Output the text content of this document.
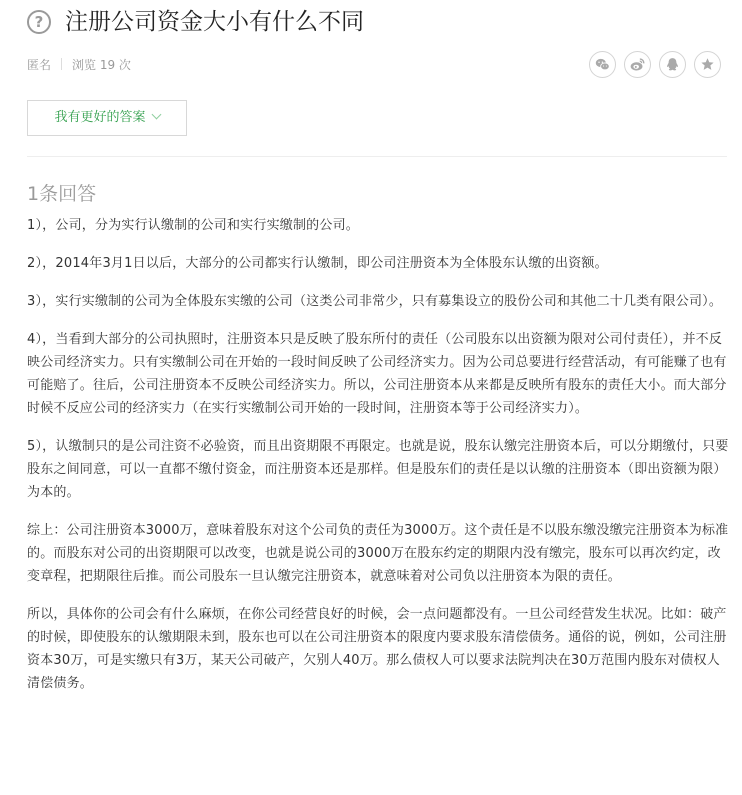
? 注册公司资金大小有什么不同
匿名 浏览 19 次
我有更好的答案
1条回答

1），公司，分为实行认缴制的公司和实行实缴制的公司。

2），2014年3月1日以后，大部分的公司都实行认缴制，即公司注册资本为全体股东认缴的出资额。

3），实行实缴制的公司为全体股东实缴的公司（这类公司非常少，只有募集设立的股份公司和其他二十几类有限公司）。

4），当看到大部分的公司执照时，注册资本只是反映了股东所付的责任（公司股东以出资额为限对公司付责任），并不反映公司经济实力。只有实缴制公司在开始的一段时间反映了公司经济实力。因为公司总要进行经营活动，有可能赚了也有可能赔了。往后，公司注册资本不反映公司经济实力。所以，公司注册资本从来都是反映所有股东的责任大小。而大部分时候不反应公司的经济实力（在实行实缴制公司开始的一段时间，注册资本等于公司经济实力）。

5），认缴制只的是公司注资不必验资，而且出资期限不再限定。也就是说，股东认缴完注册资本后，可以分期缴付，只要股东之间同意，可以一直都不缴付资金，而注册资本还是那样。但是股东们的责任是以认缴的注册资本（即出资额为限）为本的。

综上：公司注册资本3000万，意味着股东对这个公司负的责任为3000万。这个责任是不以股东缴没缴完注册资本为标准的。而股东对公司的出资期限可以改变，也就是说公司的3000万在股东约定的期限内没有缴完，股东可以再次约定，改变章程，把期限往后推。而公司股东一旦认缴完注册资本，就意味着对公司负以注册资本为限的责任。

所以，具体你的公司会有什么麻烦，在你公司经营良好的时候，会一点问题都没有。一旦公司经营发生状况。比如：破产的时候，即使股东的认缴期限未到，股东也可以在公司注册资本的限度内要求股东清偿债务。通俗的说，例如，公司注册资本30万，可是实缴只有3万，某天公司破产，欠别人40万。那么债权人可以要求法院判决在30万范围内股东对债权人清偿债务。
